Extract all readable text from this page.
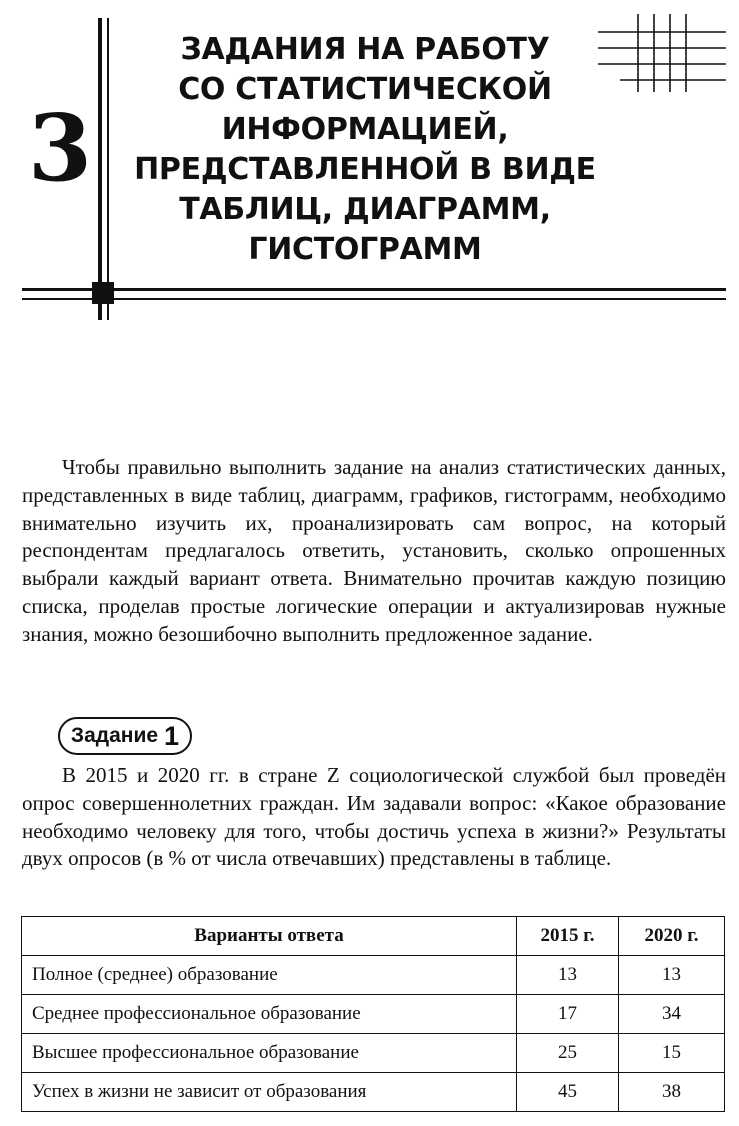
3
ЗАДАНИЯ НА РАБОТУ
СО СТАТИСТИЧЕСКОЙ
ИНФОРМАЦИЕЙ,
ПРЕДСТАВЛЕННОЙ В ВИДЕ
ТАБЛИЦ, ДИАГРАММ,
ГИСТОГРАММ

Чтобы правильно выполнить задание на анализ статистических данных, представленных в виде таблиц, диаграмм, графиков, гистограмм, необходимо внимательно изучить их, проанализировать сам вопрос, на который респондентам предлагалось ответить, установить, сколько опрошенных выбрали каждый вариант ответа. Внимательно прочитав каждую позицию списка, проделав простые логические операции и актуализировав нужные знания, можно безошибочно выполнить предложенное задание.

Задание 1

В 2015 и 2020 гг. в стране Z социологической службой был проведён опрос совершеннолетних граждан. Им задавали вопрос: «Какое образование необходимо человеку для того, чтобы достичь успеха в жизни?» Результаты двух опросов (в % от числа отвечавших) представлены в таблице.

Варианты ответа	2015 г.	2020 г.
Полное (среднее) образование	13	13
Среднее профессиональное образование	17	34
Высшее профессиональное образование	25	15
Успех в жизни не зависит от образования	45	38
